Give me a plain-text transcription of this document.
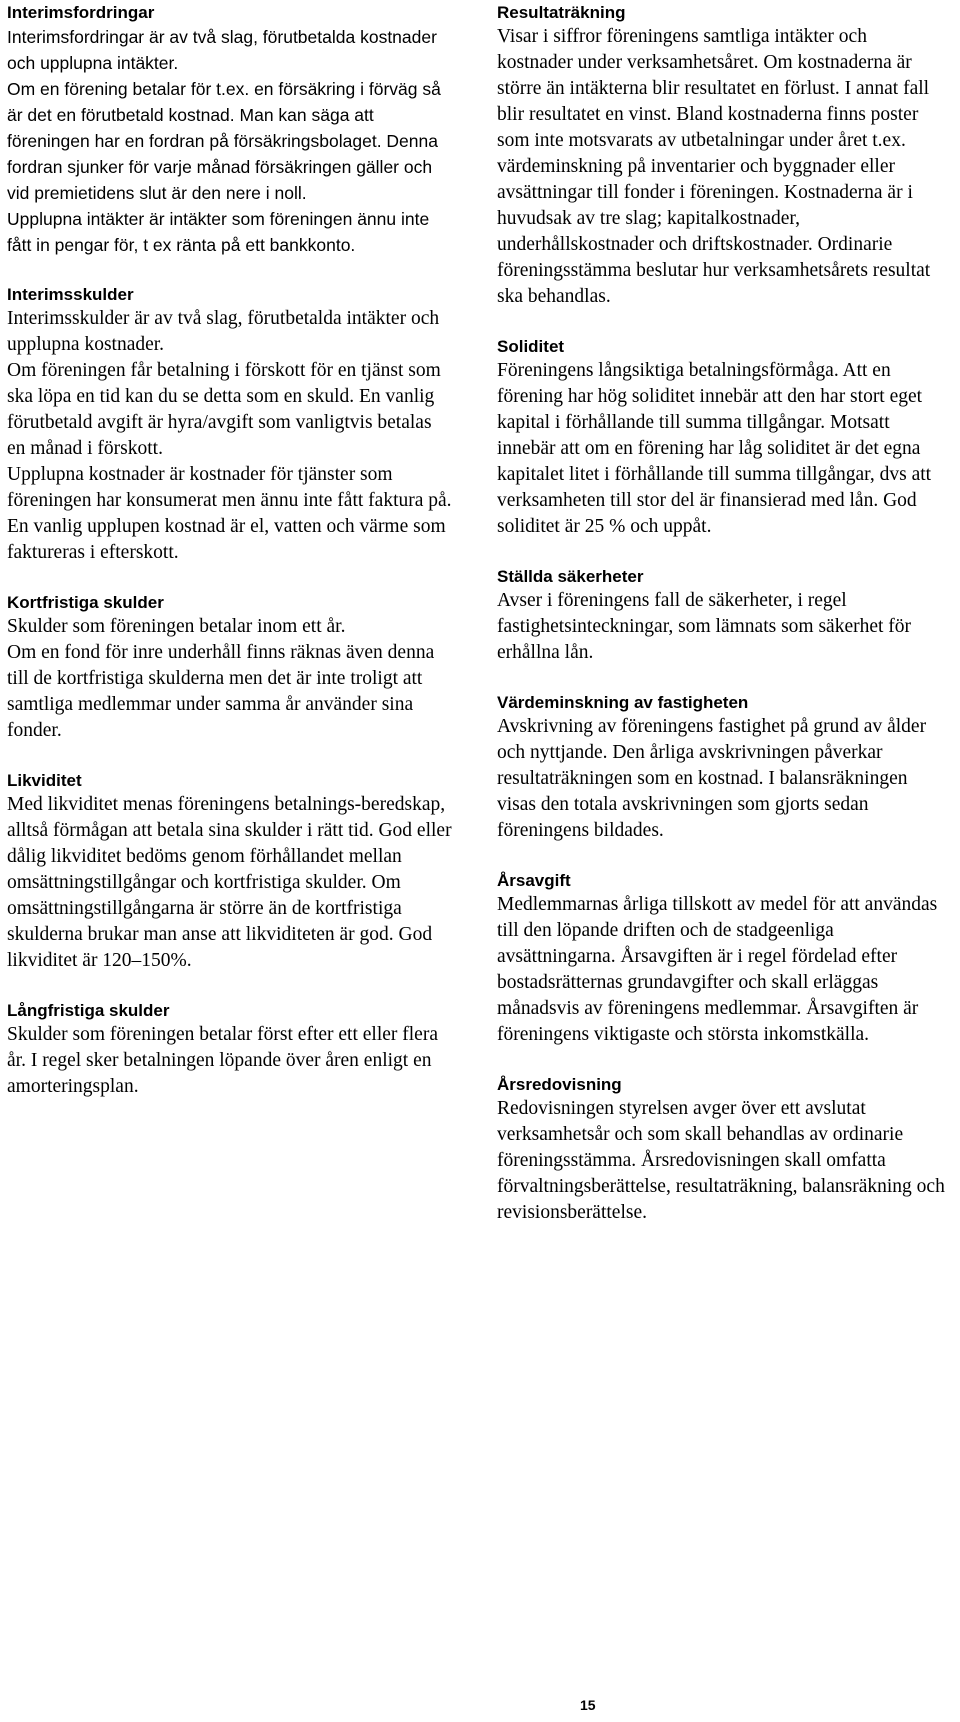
Interimsfordringar

Interimsfordringar är av två slag, förutbetalda kostnader och upplupna intäkter.

Om en förening betalar för t.ex. en försäkring i förväg så är det en förutbetald kostnad. Man kan säga att föreningen har en fordran på försäkringsbolaget. Denna fordran sjunker för varje månad försäkringen gäller och vid premietidens slut är den nere i noll.

Upplupna intäkter är intäkter som föreningen ännu inte fått in pengar för, t ex ränta på ett bankkonto.

Interimsskulder

Interimsskulder är av två slag, förutbetalda intäkter och upplupna kostnader.

Om föreningen får betalning i förskott för en tjänst som ska löpa en tid kan du se detta som en skuld. En vanlig förutbetald avgift är hyra/avgift som vanligtvis betalas en månad i förskott.

Upplupna kostnader är kostnader för tjänster som föreningen har konsumerat men ännu inte fått faktura på. En vanlig upplupen kostnad är el, vatten och värme som faktureras i efterskott.

Kortfristiga skulder

Skulder som föreningen betalar inom ett år.

Om en fond för inre underhåll finns räknas även denna till de kortfristiga skulderna men det är inte troligt att samtliga medlemmar under samma år använder sina fonder.

Likviditet

Med likviditet menas föreningens betalnings-beredskap, alltså förmågan att betala sina skulder i rätt tid. God eller dålig likviditet bedöms genom förhållandet mellan omsättningstillgångar och kortfristiga skulder. Om omsättningstillgångarna är större än de kortfristiga skulderna brukar man anse att likviditeten är god. God likviditet är 120–150%.

Långfristiga skulder

Skulder som föreningen betalar först efter ett eller flera år. I regel sker betalningen löpande över åren enligt en amorteringsplan.

Resultaträkning

Visar i siffror föreningens samtliga intäkter och kostnader under verksamhetsåret. Om kostnaderna är större än intäkterna blir resultatet en förlust. I annat fall blir resultatet en vinst. Bland kostnaderna finns poster som inte motsvarats av utbetalningar under året t.ex. värdeminskning på inventarier och byggnader eller avsättningar till fonder i föreningen. Kostnaderna är i huvudsak av tre slag; kapitalkostnader, underhållskostnader och driftskostnader. Ordinarie föreningsstämma beslutar hur verksamhetsårets resultat ska behandlas.

Soliditet

Föreningens långsiktiga betalningsförmåga. Att en förening har hög soliditet innebär att den har stort eget kapital i förhållande till summa tillgångar. Motsatt innebär att om en förening har låg soliditet är det egna kapitalet litet i förhållande till summa tillgångar, dvs att verksamheten till stor del är finansierad med lån. God soliditet är 25 % och uppåt.

Ställda säkerheter

Avser i föreningens fall de säkerheter, i regel fastighetsinteckningar, som lämnats som säkerhet för erhållna lån.

Värdeminskning av fastigheten

Avskrivning av föreningens fastighet på grund av ålder och nyttjande. Den årliga avskrivningen påverkar resultaträkningen som en kostnad. I balansräkningen visas den totala avskrivningen som gjorts sedan föreningens bildades.

Årsavgift

Medlemmarnas årliga tillskott av medel för att användas till den löpande driften och de stadgeenliga avsättningarna. Årsavgiften är i regel fördelad efter bostadsrätternas grundavgifter och skall erläggas månadsvis av föreningens medlemmar. Årsavgiften är föreningens viktigaste och största inkomstkälla.

Årsredovisning

Redovisningen styrelsen avger över ett avslutat verksamhetsår och som skall behandlas av ordinarie föreningsstämma. Årsredovisningen skall omfatta förvaltningsberättelse, resultaträkning, balansräkning och revisionsberättelse.

15
